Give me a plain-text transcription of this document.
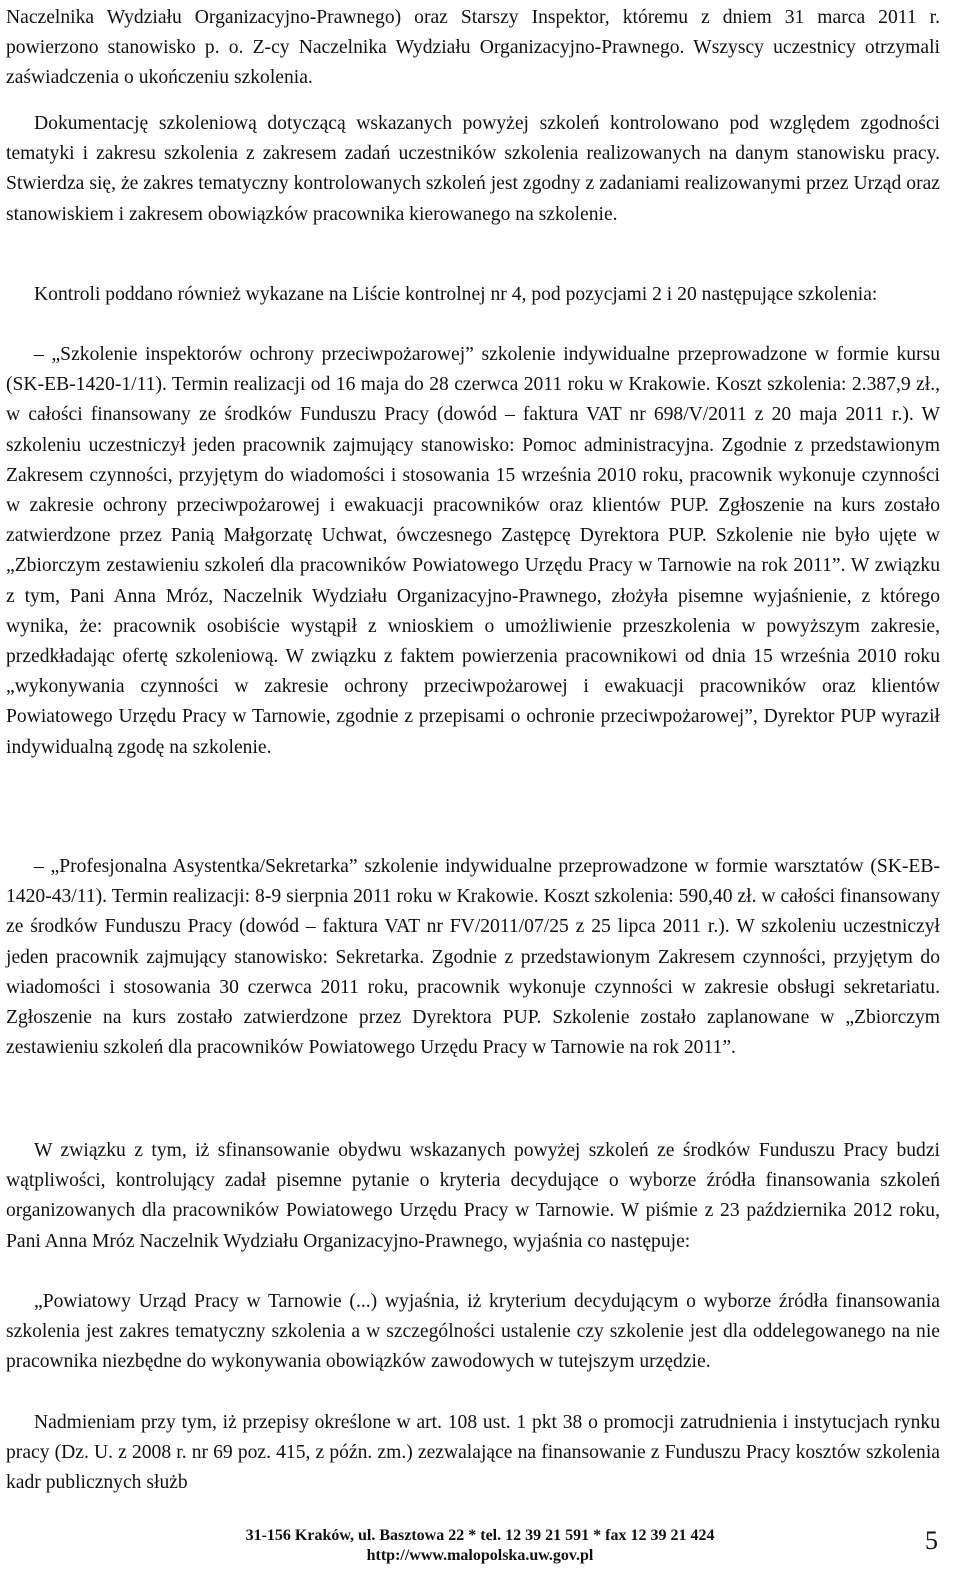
Naczelnika Wydziału Organizacyjno-Prawnego) oraz Starszy Inspektor, któremu z dniem 31 marca 2011 r. powierzono stanowisko p. o. Z-cy Naczelnika Wydziału Organizacyjno-Prawnego. Wszyscy uczestnicy otrzymali zaświadczenia o ukończeniu szkolenia.

Dokumentację szkoleniową dotyczącą wskazanych powyżej szkoleń kontrolowano pod względem zgodności tematyki i zakresu szkolenia z zakresem zadań uczestników szkolenia realizowanych na danym stanowisku pracy. Stwierdza się, że zakres tematyczny kontrolowanych szkoleń jest zgodny z zadaniami realizowanymi przez Urząd oraz stanowiskiem i zakresem obowiązków pracownika kierowanego na szkolenie.

Kontroli poddano również wykazane na Liście kontrolnej nr 4, pod pozycjami 2 i 20 następujące szkolenia:

– „Szkolenie inspektorów ochrony przeciwpożarowej” szkolenie indywidualne przeprowadzone w formie kursu (SK-EB-1420-1/11). Termin realizacji od 16 maja do 28 czerwca 2011 roku w Krakowie. Koszt szkolenia: 2.387,9 zł., w całości finansowany ze środków Funduszu Pracy (dowód – faktura VAT nr 698/V/2011 z 20 maja 2011 r.). W szkoleniu uczestniczył jeden pracownik zajmujący stanowisko: Pomoc administracyjna. Zgodnie z przedstawionym Zakresem czynności, przyjętym do wiadomości i stosowania 15 września 2010 roku, pracownik wykonuje czynności w zakresie ochrony przeciwpożarowej i ewakuacji pracowników oraz klientów PUP. Zgłoszenie na kurs zostało zatwierdzone przez Panią Małgorzatę Uchwat, ówczesnego Zastępcę Dyrektora PUP. Szkolenie nie było ujęte w „Zbiorczym zestawieniu szkoleń dla pracowników Powiatowego Urzędu Pracy w Tarnowie na rok 2011”. W związku z tym, Pani Anna Mróz, Naczelnik Wydziału Organizacyjno-Prawnego, złożyła pisemne wyjaśnienie, z którego wynika, że: pracownik osobiście wystąpił z wnioskiem o umożliwienie przeszkolenia w powyższym zakresie, przedkładając ofertę szkoleniową. W związku z faktem powierzenia pracownikowi od dnia 15 września 2010 roku „wykonywania czynności w zakresie ochrony przeciwpożarowej i ewakuacji pracowników oraz klientów Powiatowego Urzędu Pracy w Tarnowie, zgodnie z przepisami o ochronie przeciwpożarowej”, Dyrektor PUP wyraził indywidualną zgodę na szkolenie.

– „Profesjonalna Asystentka/Sekretarka” szkolenie indywidualne przeprowadzone w formie warsztatów (SK-EB-1420-43/11). Termin realizacji: 8-9 sierpnia 2011 roku w Krakowie. Koszt szkolenia: 590,40 zł. w całości finansowany ze środków Funduszu Pracy (dowód – faktura VAT nr FV/2011/07/25 z 25 lipca 2011 r.). W szkoleniu uczestniczył jeden pracownik zajmujący stanowisko: Sekretarka. Zgodnie z przedstawionym Zakresem czynności, przyjętym do wiadomości i stosowania 30 czerwca 2011 roku, pracownik wykonuje czynności w zakresie obsługi sekretariatu. Zgłoszenie na kurs zostało zatwierdzone przez Dyrektora PUP. Szkolenie zostało zaplanowane w „Zbiorczym zestawieniu szkoleń dla pracowników Powiatowego Urzędu Pracy w Tarnowie na rok 2011”.

W związku z tym, iż sfinansowanie obydwu wskazanych powyżej szkoleń ze środków Funduszu Pracy budzi wątpliwości, kontrolujący zadał pisemne pytanie o kryteria decydujące o wyborze źródła finansowania szkoleń organizowanych dla pracowników Powiatowego Urzędu Pracy w Tarnowie. W piśmie z 23 października 2012 roku, Pani Anna Mróz Naczelnik Wydziału Organizacyjno-Prawnego, wyjaśnia co następuje:

„Powiatowy Urząd Pracy w Tarnowie (...) wyjaśnia, iż kryterium decydującym o wyborze źródła finansowania szkolenia jest zakres tematyczny szkolenia a w szczególności ustalenie czy szkolenie jest dla oddelegowanego na nie pracownika niezbędne do wykonywania obowiązków zawodowych w tutejszym urzędzie.

Nadmieniam przy tym, iż przepisy określone w art. 108 ust. 1 pkt 38 o promocji zatrudnienia i instytucjach rynku pracy (Dz. U. z 2008 r. nr 69 poz. 415, z późn. zm.) zezwalające na finansowanie z Funduszu Pracy kosztów szkolenia kadr publicznych służb

31-156 Kraków, ul. Basztowa 22 * tel. 12 39 21 591 * fax 12 39 21 424
http://www.malopolska.uw.gov.pl
5
